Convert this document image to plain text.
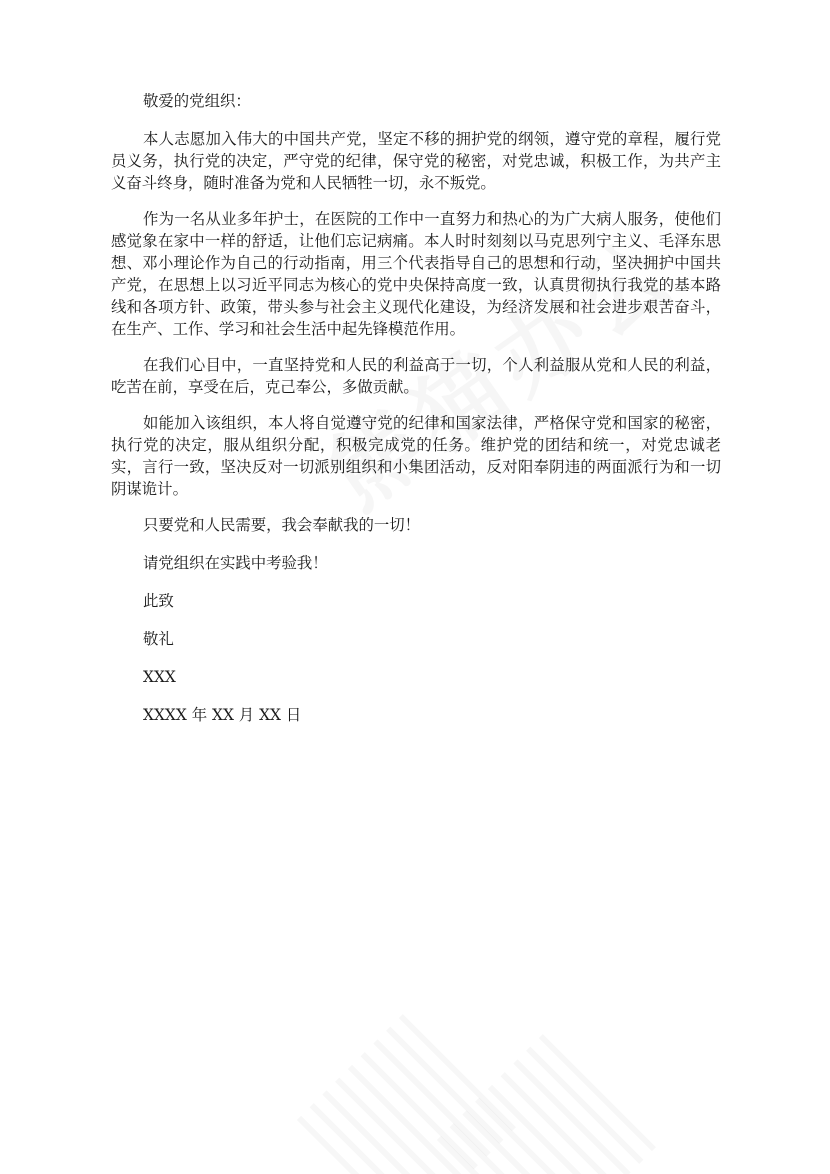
敬爱的党组织：

本人志愿加入伟大的中国共产党，坚定不移的拥护党的纲领，遵守党的章程，履行党员义务，执行党的决定，严守党的纪律，保守党的秘密，对党忠诚，积极工作，为共产主义奋斗终身，随时准备为党和人民牺牲一切，永不叛党。

作为一名从业多年护士，在医院的工作中一直努力和热心的为广大病人服务，使他们感觉象在家中一样的舒适，让他们忘记病痛。本人时时刻刻以马克思列宁主义、毛泽东思想、邓小理论作为自己的行动指南，用三个代表指导自己的思想和行动，坚决拥护中国共产党，在思想上以习近平同志为核心的党中央保持高度一致，认真贯彻执行我党的基本路线和各项方针、政策，带头参与社会主义现代化建设，为经济发展和社会进步艰苦奋斗，在生产、工作、学习和社会生活中起先锋模范作用。

在我们心目中，一直坚持党和人民的利益高于一切，个人利益服从党和人民的利益，吃苦在前，享受在后，克己奉公，多做贡献。

如能加入该组织，本人将自觉遵守党的纪律和国家法律，严格保守党和国家的秘密，执行党的决定，服从组织分配，积极完成党的任务。维护党的团结和统一，对党忠诚老实，言行一致，坚决反对一切派别组织和小集团活动，反对阳奉阴违的两面派行为和一切阴谋诡计。

只要党和人民需要，我会奉献我的一切！

请党组织在实践中考验我！

此致

敬礼

XXX

XXXX 年 XX 月 XX 日
